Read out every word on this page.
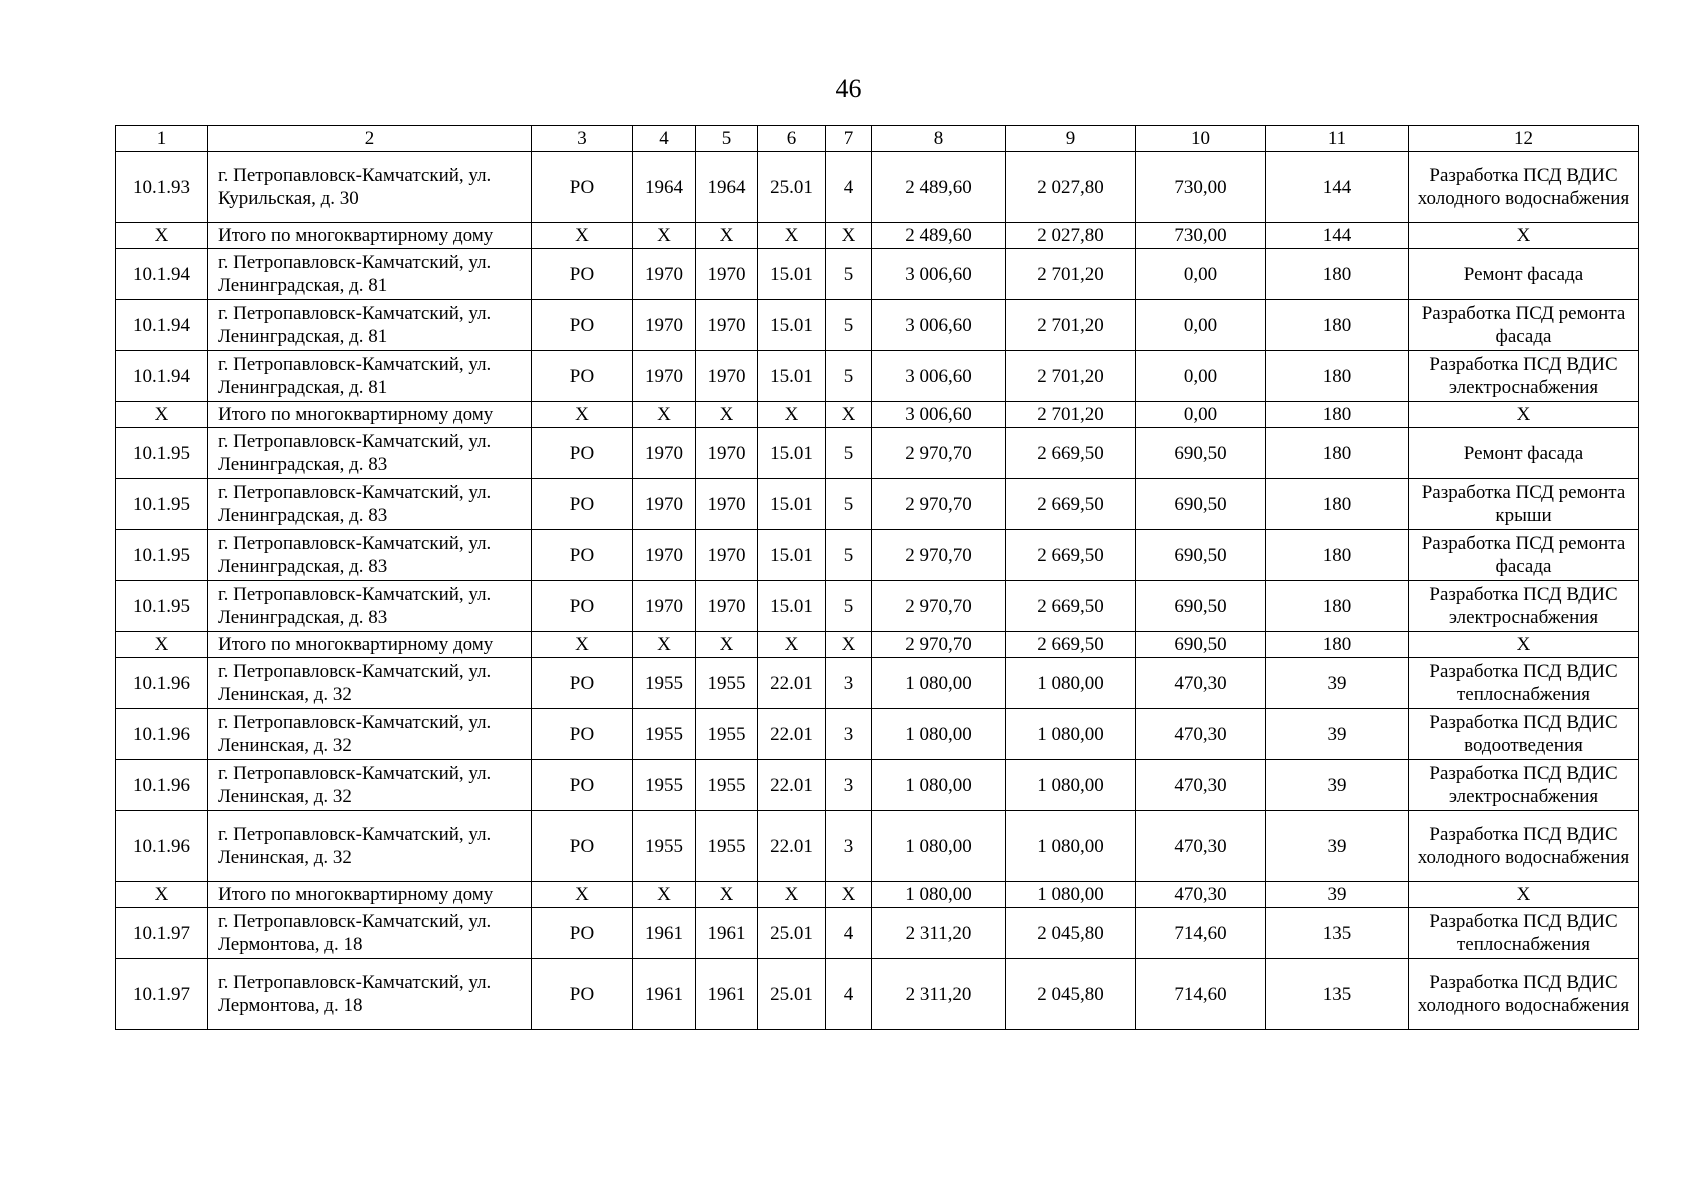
46
1	2	3	4	5	6	7	8	9	10	11	12
10.1.93	г. Петропавловск-Камчатский, ул. Курильская, д. 30	РО	1964	1964	25.01	4	2 489,60	2 027,80	730,00	144	Разработка ПСД ВДИС холодного водоснабжения
Х	Итого по многоквартирному дому	Х	Х	Х	Х	Х	2 489,60	2 027,80	730,00	144	Х
10.1.94	г. Петропавловск-Камчатский, ул. Ленинградская, д. 81	РО	1970	1970	15.01	5	3 006,60	2 701,20	0,00	180	Ремонт фасада
10.1.94	г. Петропавловск-Камчатский, ул. Ленинградская, д. 81	РО	1970	1970	15.01	5	3 006,60	2 701,20	0,00	180	Разработка ПСД ремонта фасада
10.1.94	г. Петропавловск-Камчатский, ул. Ленинградская, д. 81	РО	1970	1970	15.01	5	3 006,60	2 701,20	0,00	180	Разработка ПСД ВДИС электроснабжения
Х	Итого по многоквартирному дому	Х	Х	Х	Х	Х	3 006,60	2 701,20	0,00	180	Х
10.1.95	г. Петропавловск-Камчатский, ул. Ленинградская, д. 83	РО	1970	1970	15.01	5	2 970,70	2 669,50	690,50	180	Ремонт фасада
10.1.95	г. Петропавловск-Камчатский, ул. Ленинградская, д. 83	РО	1970	1970	15.01	5	2 970,70	2 669,50	690,50	180	Разработка ПСД ремонта крыши
10.1.95	г. Петропавловск-Камчатский, ул. Ленинградская, д. 83	РО	1970	1970	15.01	5	2 970,70	2 669,50	690,50	180	Разработка ПСД ремонта фасада
10.1.95	г. Петропавловск-Камчатский, ул. Ленинградская, д. 83	РО	1970	1970	15.01	5	2 970,70	2 669,50	690,50	180	Разработка ПСД ВДИС электроснабжения
Х	Итого по многоквартирному дому	Х	Х	Х	Х	Х	2 970,70	2 669,50	690,50	180	Х
10.1.96	г. Петропавловск-Камчатский, ул. Ленинская, д. 32	РО	1955	1955	22.01	3	1 080,00	1 080,00	470,30	39	Разработка ПСД ВДИС теплоснабжения
10.1.96	г. Петропавловск-Камчатский, ул. Ленинская, д. 32	РО	1955	1955	22.01	3	1 080,00	1 080,00	470,30	39	Разработка ПСД ВДИС водоотведения
10.1.96	г. Петропавловск-Камчатский, ул. Ленинская, д. 32	РО	1955	1955	22.01	3	1 080,00	1 080,00	470,30	39	Разработка ПСД ВДИС электроснабжения
10.1.96	г. Петропавловск-Камчатский, ул. Ленинская, д. 32	РО	1955	1955	22.01	3	1 080,00	1 080,00	470,30	39	Разработка ПСД ВДИС холодного водоснабжения
Х	Итого по многоквартирному дому	Х	Х	Х	Х	Х	1 080,00	1 080,00	470,30	39	Х
10.1.97	г. Петропавловск-Камчатский, ул. Лермонтова, д. 18	РО	1961	1961	25.01	4	2 311,20	2 045,80	714,60	135	Разработка ПСД ВДИС теплоснабжения
10.1.97	г. Петропавловск-Камчатский, ул. Лермонтова, д. 18	РО	1961	1961	25.01	4	2 311,20	2 045,80	714,60	135	Разработка ПСД ВДИС холодного водоснабжения
